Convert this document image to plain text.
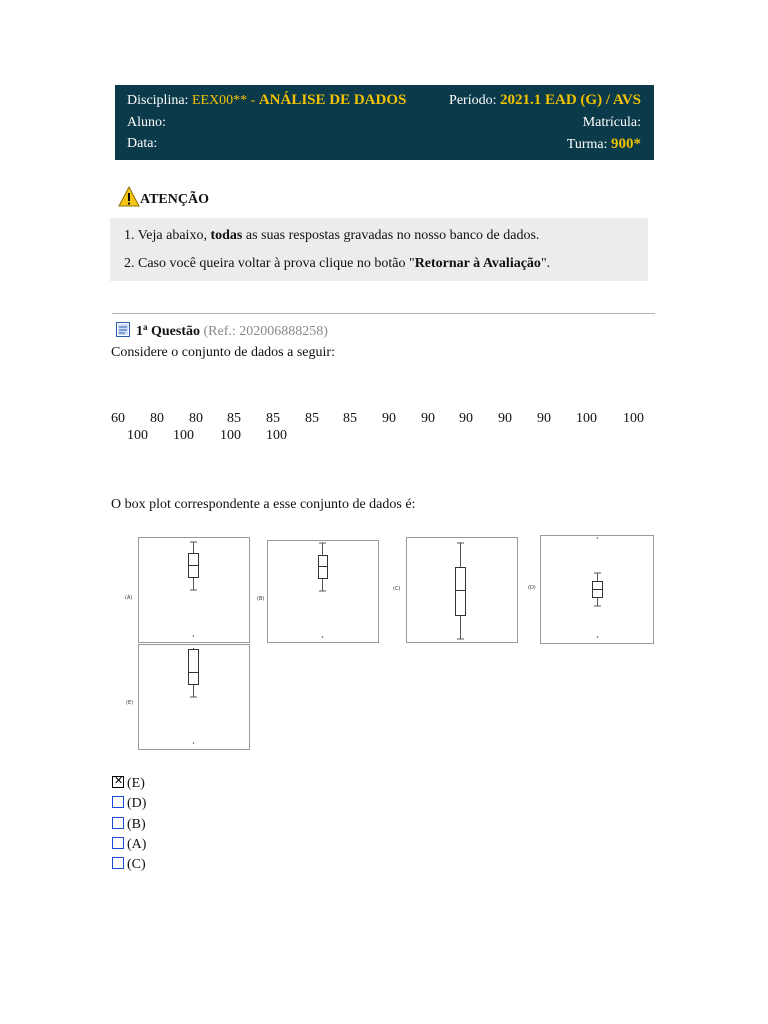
Disciplina: EEX00** - ANÁLISE DE DADOS	Período: 2021.1 EAD (G) / AVS
Aluno:	Matrícula:
Data:	Turma: 900*
ATENÇÃO
1. Veja abaixo, todas as suas respostas gravadas no nosso banco de dados.
2. Caso você queira voltar à prova clique no botão "Retornar à Avaliação".
1$^a$ Questão (Ref.: 202006888258)
Considere o conjunto de dados a seguir:
60 80 80 85 85 85 85 90 90 90 90 90 100 100
100 100 100 100
O box plot correspondente a esse conjunto de dados é:
(A)	(B)
(C)	(D)
(E)
✕ (E)
(D)
(B)
(A)
(C)
